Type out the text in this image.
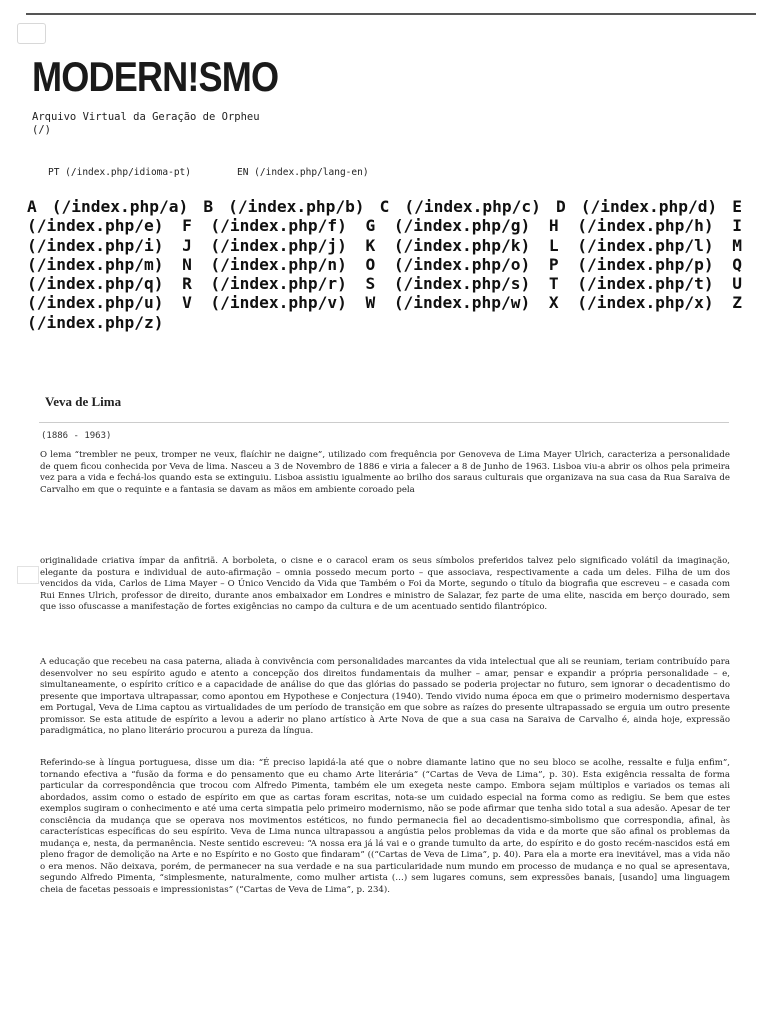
MODERN!SMO
Arquivo Virtual da Geração de Orpheu
(/)
PT (/index.php/idioma-pt)	EN (/index.php/lang-en)
A (/index.php/a) B (/index.php/b) C (/index.php/c) D (/index.php/d) E (/index.php/e) F (/index.php/f) G (/index.php/g) H (/index.php/h) I (/index.php/i) J (/index.php/j) K (/index.php/k) L (/index.php/l) M (/index.php/m) N (/index.php/n) O (/index.php/o) P (/index.php/p) Q (/index.php/q) R (/index.php/r) S (/index.php/s) T (/index.php/t) U (/index.php/u) V (/index.php/v) W (/index.php/w) X (/index.php/x) Z (/index.php/z)
Veva de Lima
(1886 - 1963)

O lema “trembler ne peux, tromper ne veux, flaíchir ne daigne”, utilizado com frequência por Genoveva de Lima Mayer Ulrich, caracteriza a personalidade de quem ficou conhecida por Veva de lima. Nasceu a 3 de Novembro de 1886 e viria a falecer a 8 de Junho de 1963. Lisboa viu-a abrir os olhos pela primeira vez para a vida e fechá-los quando esta se extinguiu. Lisboa assistiu igualmente ao brilho dos saraus culturais que organizava na sua casa da Rua Saraiva de Carvalho em que o requinte e a fantasia se davam as mãos em ambiente coroado pela

originalidade criativa ímpar da anfitriã. A borboleta, o cisne e o caracol eram os seus símbolos preferidos talvez pelo significado volátil da imaginação, elegante da postura e individual de auto-afirmação – omnia possedo mecum porto – que associava, respectivamente a cada um deles. Filha de um dos vencidos da vida, Carlos de Lima Mayer – O Único Vencido da Vida que Também o Foi da Morte, segundo o título da biografia que escreveu – e casada com Rui Ennes Ulrich, professor de direito, durante anos embaixador em Londres e ministro de Salazar, fez parte de uma elite, nascida em berço dourado, sem que isso ofuscasse a manifestação de fortes exigências no campo da cultura e de um acentuado sentido filantrópico.

A educação que recebeu na casa paterna, aliada à convivência com personalidades marcantes da vida intelectual que ali se reuniam, teriam contribuído para desenvolver no seu espírito agudo e atento a concepção dos direitos fundamentais da mulher – amar, pensar e expandir a própria personalidade – e, simultaneamente, o espírito crítico e a capacidade de análise do que das glórias do passado se poderia projectar no futuro, sem ignorar o decadentismo do presente que importava ultrapassar, como apontou em Hypothese e Conjectura (1940). Tendo vivido numa época em que o primeiro modernismo despertava em Portugal, Veva de Lima captou as virtualidades de um período de transição em que sobre as raízes do presente ultrapassado se erguia um outro presente promissor. Se esta atitude de espírito a levou a aderir no plano artístico à Arte Nova de que a sua casa na Saraiva de Carvalho é, ainda hoje, expressão paradigmática, no plano literário procurou a pureza da língua.

Referindo-se à língua portuguesa, disse um dia: “É preciso lapidá-la até que o nobre diamante latino que no seu bloco se acolhe, ressalte e fulja enfim”, tornando efectiva a “fusão da forma e do pensamento que eu chamo Arte literária” (“Cartas de Veva de Lima”, p. 30). Esta exigência ressalta de forma particular da correspondência que trocou com Alfredo Pimenta, também ele um exegeta neste campo. Embora sejam múltiplos e variados os temas ali abordados, assim como o estado de espírito em que as cartas foram escritas, nota-se um cuidado especial na forma como as redigiu. Se bem que estes exemplos sugiram o conhecimento e até uma certa simpatia pelo primeiro modernismo, não se pode afirmar que tenha sido total a sua adesão. Apesar de ter consciência da mudança que se operava nos movimentos estéticos, no fundo permanecia fiel ao decadentismo-simbolismo que correspondia, afinal, às características específicas do seu espírito. Veva de Lima nunca ultrapassou a angústia pelos problemas da vida e da morte que são afinal os problemas da mudança e, nesta, da permanência. Neste sentido escreveu: “A nossa era já lá vai e o grande tumulto da arte, do espírito e do gosto recém-nascidos está em pleno fragor de demolição na Arte e no Espírito e no Gosto que findaram” ((“Cartas de Veva de Lima”, p. 40). Para ela a morte era inevitável, mas a vida não o era menos. Não deixava, porém, de permanecer na sua verdade e na sua particularidade num mundo em processo de mudança e no qual se apresentava, segundo Alfredo Pimenta, “simplesmente, naturalmente, como mulher artista (…) sem lugares comuns, sem expressões banais, [usando] uma linguagem cheia de facetas pessoais e impressionistas” (“Cartas de Veva de Lima”, p. 234).
